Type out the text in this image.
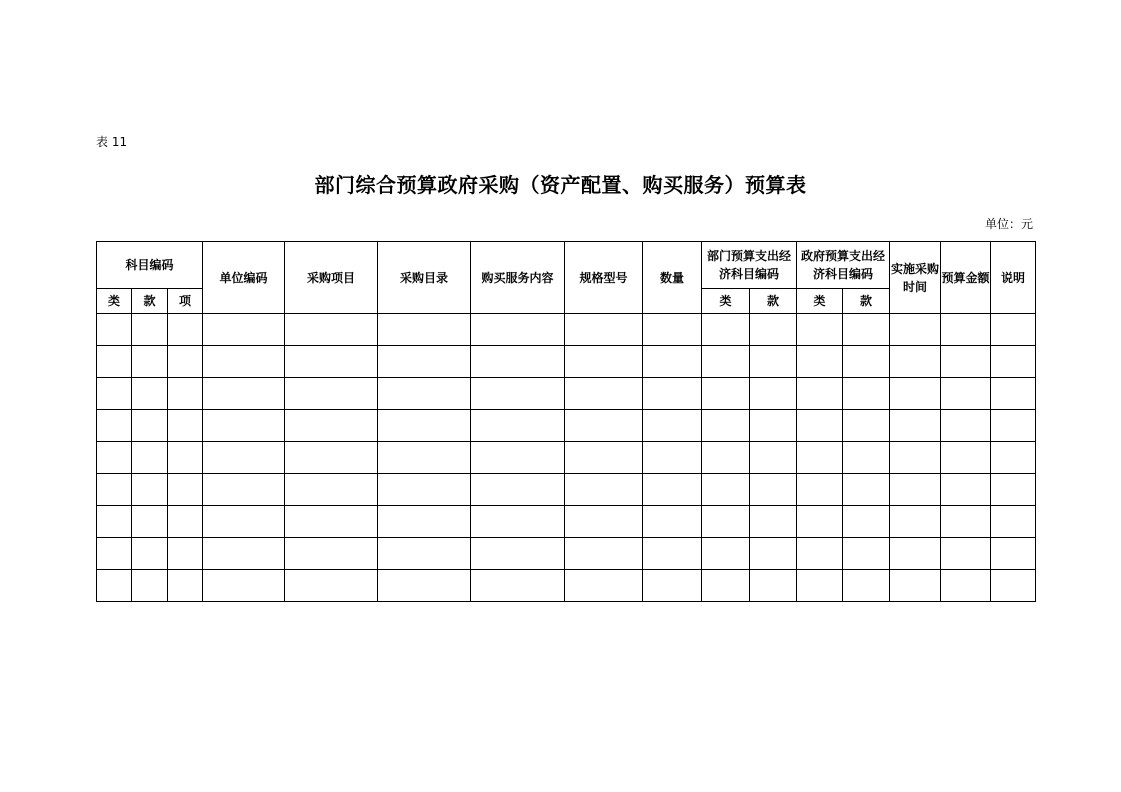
表 11
部门综合预算政府采购（资产配置、购买服务）预算表
单位：元
科目编码			单位编码	采购项目	采购目录	购买服务内容	规格型号	数量	部门预算支出经济科目编码		政府预算支出经济科目编码		实施采购时间	预算金额	说明
类	款	项							类	款	类	款			
